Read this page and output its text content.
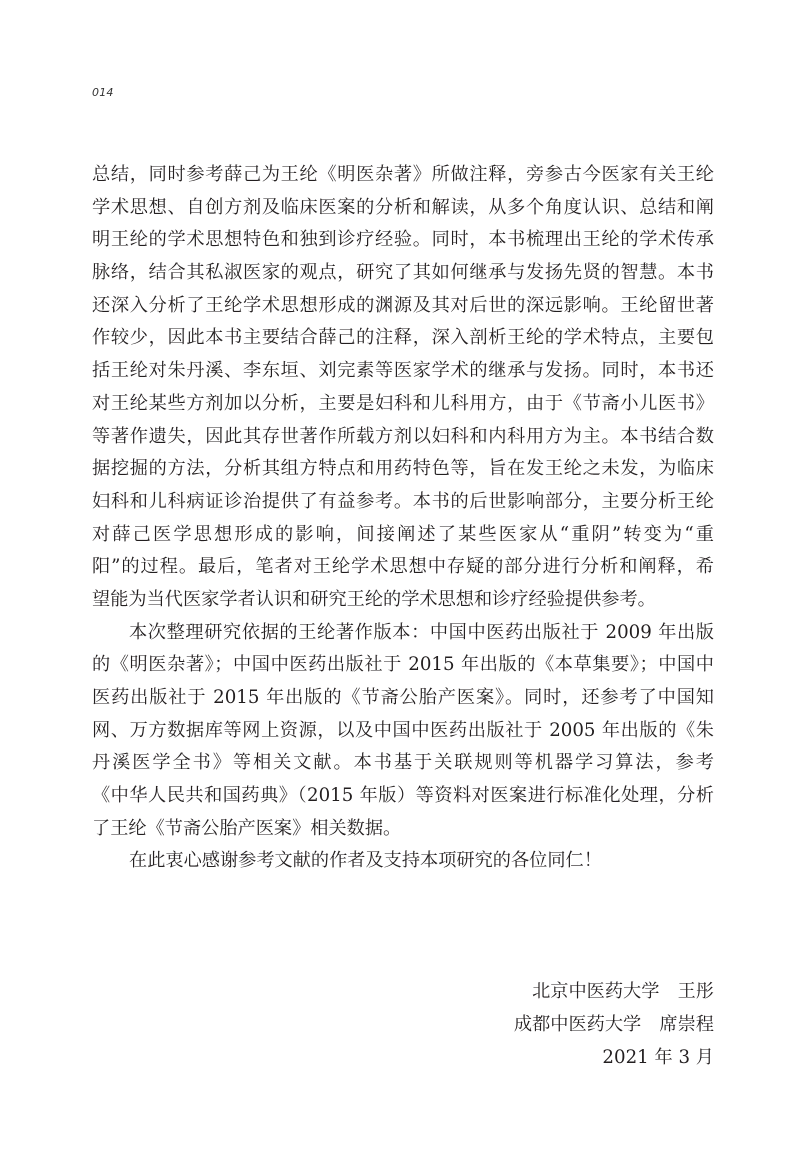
014
总结，同时参考薛己为王纶《明医杂著》所做注释，旁参古今医家有关王纶
学术思想、自创方剂及临床医案的分析和解读，从多个角度认识、总结和阐
明王纶的学术思想特色和独到诊疗经验。同时，本书梳理出王纶的学术传承
脉络，结合其私淑医家的观点，研究了其如何继承与发扬先贤的智慧。本书
还深入分析了王纶学术思想形成的渊源及其对后世的深远影响。王纶留世著
作较少，因此本书主要结合薛己的注释，深入剖析王纶的学术特点，主要包
括王纶对朱丹溪、李东垣、刘完素等医家学术的继承与发扬。同时，本书还
对王纶某些方剂加以分析，主要是妇科和儿科用方，由于《节斋小儿医书》
等著作遗失，因此其存世著作所载方剂以妇科和内科用方为主。本书结合数
据挖掘的方法，分析其组方特点和用药特色等，旨在发王纶之未发，为临床
妇科和儿科病证诊治提供了有益参考。本书的后世影响部分，主要分析王纶
对薛己医学思想形成的影响，间接阐述了某些医家从“重阴”转变为“重
阳”的过程。最后，笔者对王纶学术思想中存疑的部分进行分析和阐释，希
望能为当代医家学者认识和研究王纶的学术思想和诊疗经验提供参考。
本次整理研究依据的王纶著作版本：中国中医药出版社于 2009 年出版
的《明医杂著》；中国中医药出版社于 2015 年出版的《本草集要》；中国中
医药出版社于 2015 年出版的《节斋公胎产医案》。同时，还参考了中国知
网、万方数据库等网上资源，以及中国中医药出版社于 2005 年出版的《朱
丹溪医学全书》等相关文献。本书基于关联规则等机器学习算法，参考
《中华人民共和国药典》（2015 年版）等资料对医案进行标准化处理，分析
了王纶《节斋公胎产医案》相关数据。
在此衷心感谢参考文献的作者及支持本项研究的各位同仁！
北京中医药大学　王彤
成都中医药大学　席崇程
2021 年 3 月
